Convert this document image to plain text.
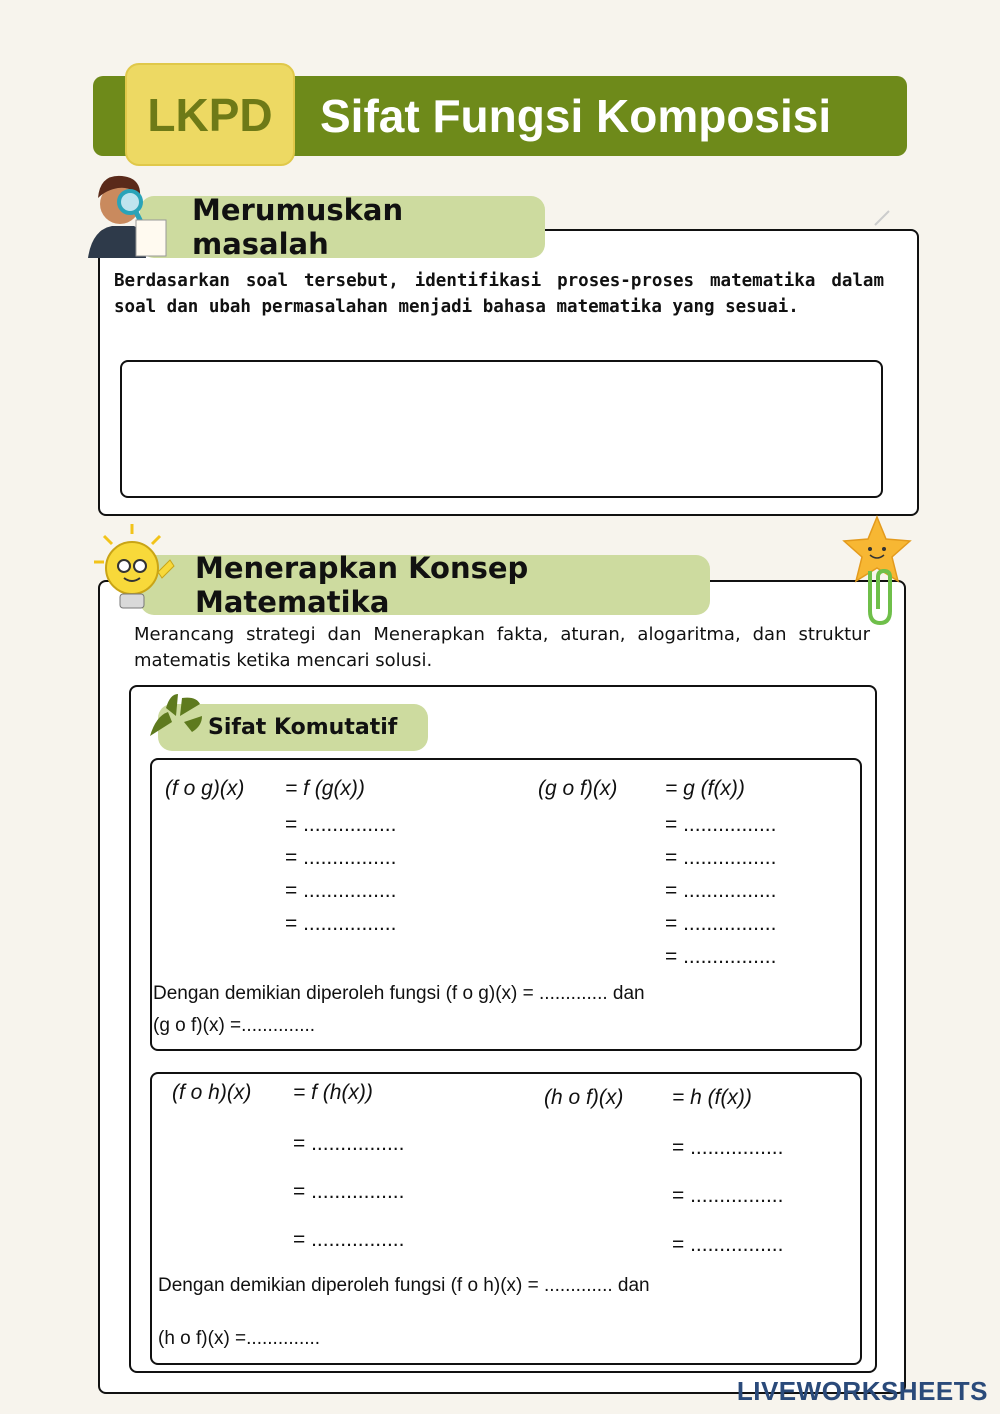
LKPD	Sifat Fungsi Komposisi
Merumuskan masalah
Berdasarkan soal tersebut, identifikasi proses-proses matematika dalam soal dan ubah permasalahan menjadi bahasa matematika yang sesuai.
Menerapkan Konsep Matematika
Merancang strategi dan Menerapkan fakta, aturan, alogaritma, dan struktur matematis ketika mencari solusi.
Sifat Komutatif
(f o g)(x) = f (g(x))
= ................
= ................
= ................
= ................
(g o f)(x) = g (f(x))
= ................
= ................
= ................
= ................
= ................
Dengan demikian diperoleh fungsi (f o g)(x) = ............. dan
(g o f)(x) =..............
(f o h)(x) = f (h(x))
= ................
= ................
= ................
(h o f)(x) = h (f(x))
= ................
= ................
= ................
Dengan demikian diperoleh fungsi (f o h)(x) = ............. dan
(h o f)(x) =..............
LIVEWORKSHEETS
